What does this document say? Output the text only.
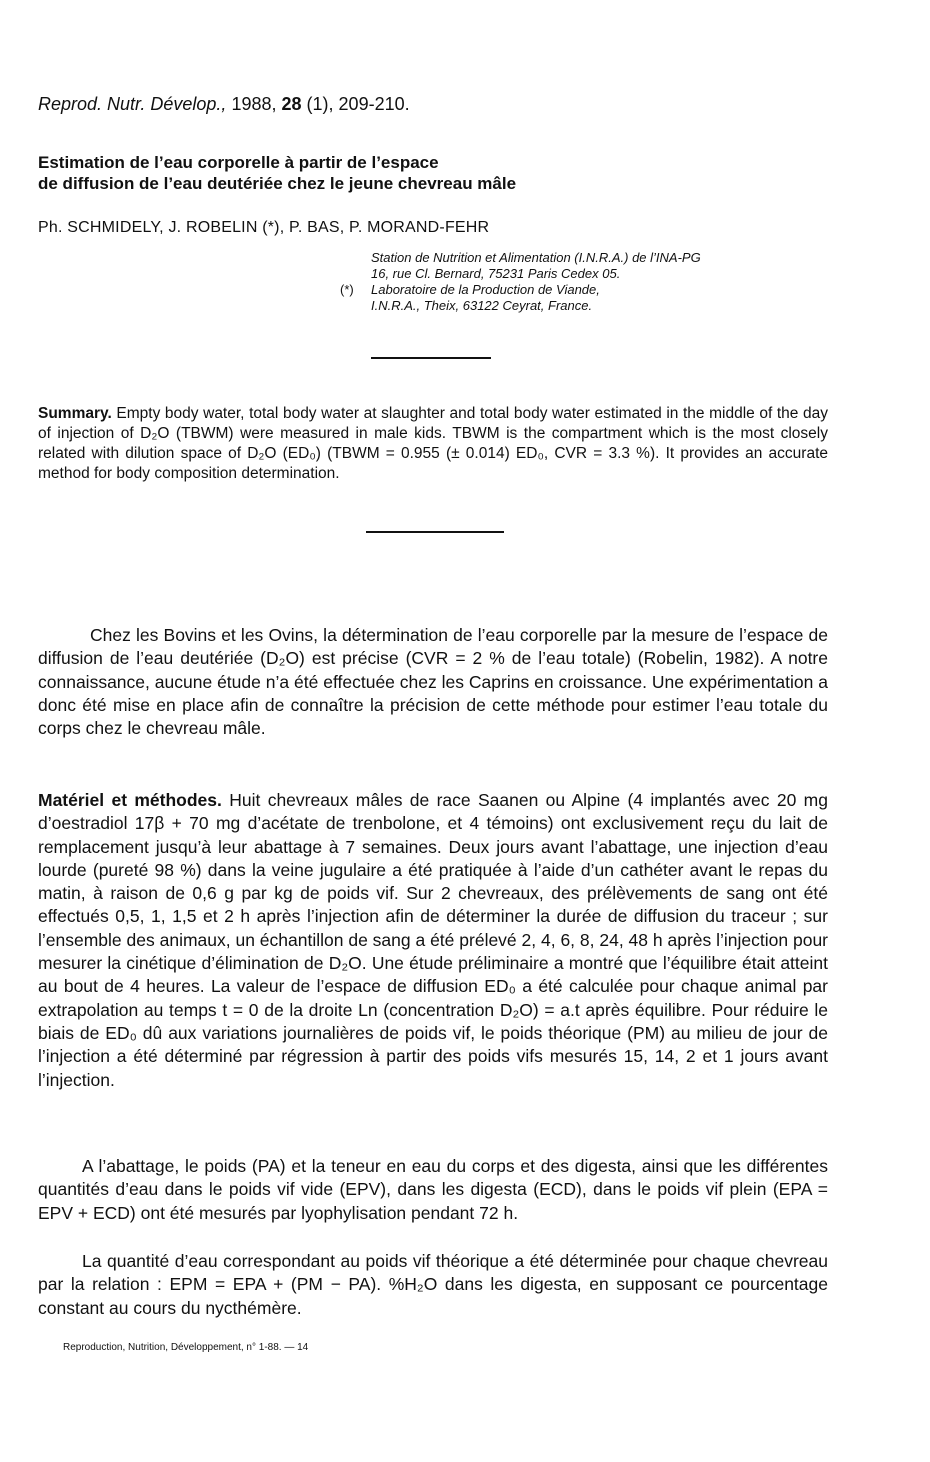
Reprod. Nutr. Dévelop., 1988, 28 (1), 209-210.
Estimation de l’eau corporelle à partir de l’espace
de diffusion de l’eau deutériée chez le jeune chevreau mâle
Ph. SCHMIDELY, J. ROBELIN (*), P. BAS, P. MORAND-FEHR
Station de Nutrition et Alimentation (I.N.R.A.) de l’INA-PG
16, rue Cl. Bernard, 75231 Paris Cedex 05.
(*) Laboratoire de la Production de Viande,
I.N.R.A., Theix, 63122 Ceyrat, France.
Summary. Empty body water, total body water at slaughter and total body water estimated in the middle of the day of injection of D₂O (TBWM) were measured in male kids. TBWM is the compartment which is the most closely related with dilution space of D₂O (ED₀) (TBWM = 0.955 (± 0.014) ED₀, CVR = 3.3 %). It provides an accurate method for body composition determination.
Chez les Bovins et les Ovins, la détermination de l’eau corporelle par la mesure de l’espace de diffusion de l’eau deutériée (D₂O) est précise (CVR = 2 % de l’eau totale) (Robelin, 1982). A notre connaissance, aucune étude n’a été effectuée chez les Caprins en croissance. Une expérimentation a donc été mise en place afin de connaître la précision de cette méthode pour estimer l’eau totale du corps chez le chevreau mâle.
Matériel et méthodes. Huit chevreaux mâles de race Saanen ou Alpine (4 implantés avec 20 mg d’oestradiol 17β + 70 mg d’acétate de trenbolone, et 4 témoins) ont exclusivement reçu du lait de remplacement jusqu’à leur abattage à 7 semaines. Deux jours avant l’abattage, une injection d’eau lourde (pureté 98 %) dans la veine jugulaire a été pratiquée à l’aide d’un cathéter avant le repas du matin, à raison de 0,6 g par kg de poids vif. Sur 2 chevreaux, des prélèvements de sang ont été effectués 0,5, 1, 1,5 et 2 h après l’injection afin de déterminer la durée de diffusion du traceur ; sur l’ensemble des animaux, un échantillon de sang a été prélevé 2, 4, 6, 8, 24, 48 h après l’injection pour mesurer la cinétique d’élimination de D₂O. Une étude préliminaire a montré que l’équilibre était atteint au bout de 4 heures. La valeur de l’espace de diffusion ED₀ a été calculée pour chaque animal par extrapolation au temps t = 0 de la droite Ln (concentration D₂O) = a.t après équilibre. Pour réduire le biais de ED₀ dû aux variations journalières de poids vif, le poids théorique (PM) au milieu de jour de l’injection a été déterminé par régression à partir des poids vifs mesurés 15, 14, 2 et 1 jours avant l’injection.
A l’abattage, le poids (PA) et la teneur en eau du corps et des digesta, ainsi que les différentes quantités d’eau dans le poids vif vide (EPV), dans les digesta (ECD), dans le poids vif plein (EPA = EPV + ECD) ont été mesurés par lyophylisation pendant 72 h.
La quantité d’eau correspondant au poids vif théorique a été déterminée pour chaque chevreau par la relation : EPM = EPA + (PM − PA). %H₂O dans les digesta, en supposant ce pourcentage constant au cours du nycthémère.
Reproduction, Nutrition, Développement, n° 1-88. — 14
